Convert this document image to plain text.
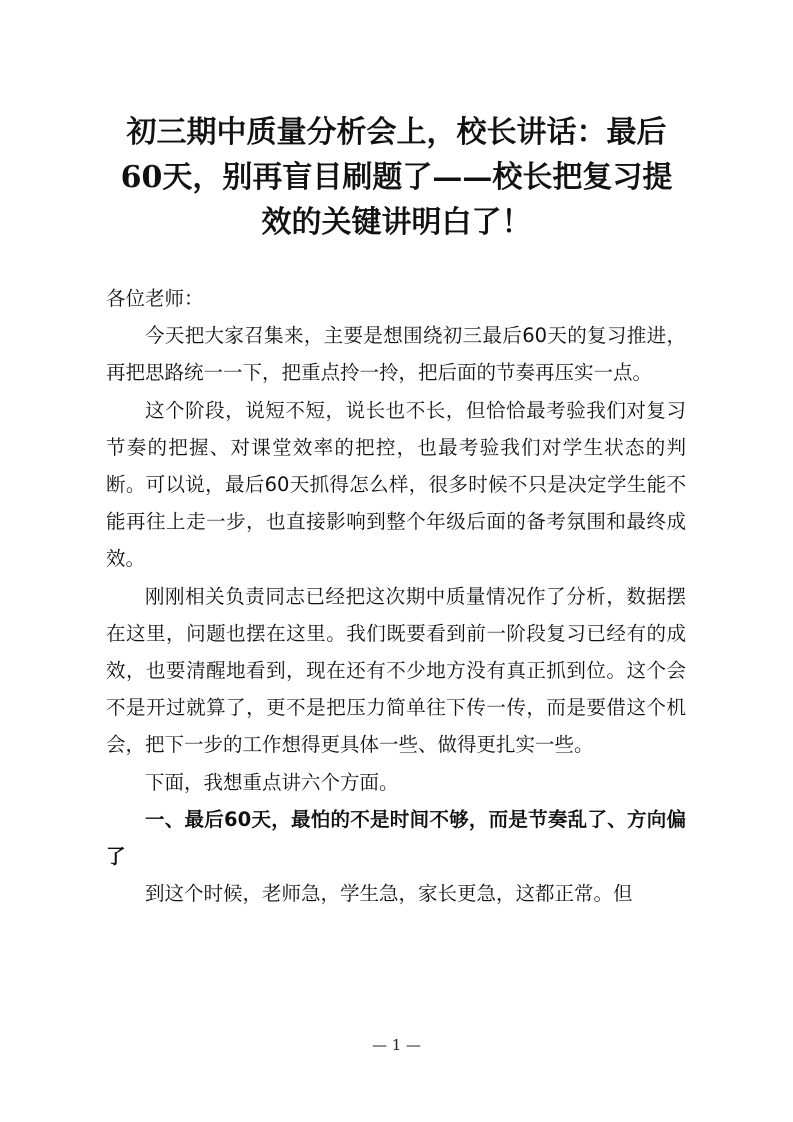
初三期中质量分析会上，校长讲话：最后
60天，别再盲目刷题了——校长把复习提
效的关键讲明白了！

各位老师：

今天把大家召集来，主要是想围绕初三最后60天的复习推进，再把思路统一一下，把重点拎一拎，把后面的节奏再压实一点。

这个阶段，说短不短，说长也不长，但恰恰最考验我们对复习节奏的把握、对课堂效率的把控，也最考验我们对学生状态的判断。可以说，最后60天抓得怎么样，很多时候不只是决定学生能不能再往上走一步，也直接影响到整个年级后面的备考氛围和最终成效。

刚刚相关负责同志已经把这次期中质量情况作了分析，数据摆在这里，问题也摆在这里。我们既要看到前一阶段复习已经有的成效，也要清醒地看到，现在还有不少地方没有真正抓到位。这个会不是开过就算了，更不是把压力简单往下传一传，而是要借这个机会，把下一步的工作想得更具体一些、做得更扎实一些。

下面，我想重点讲六个方面。

一、最后60天，最怕的不是时间不够，而是节奏乱了、方向偏了

到这个时候，老师急，学生急，家长更急，这都正常。但

— 1 —
